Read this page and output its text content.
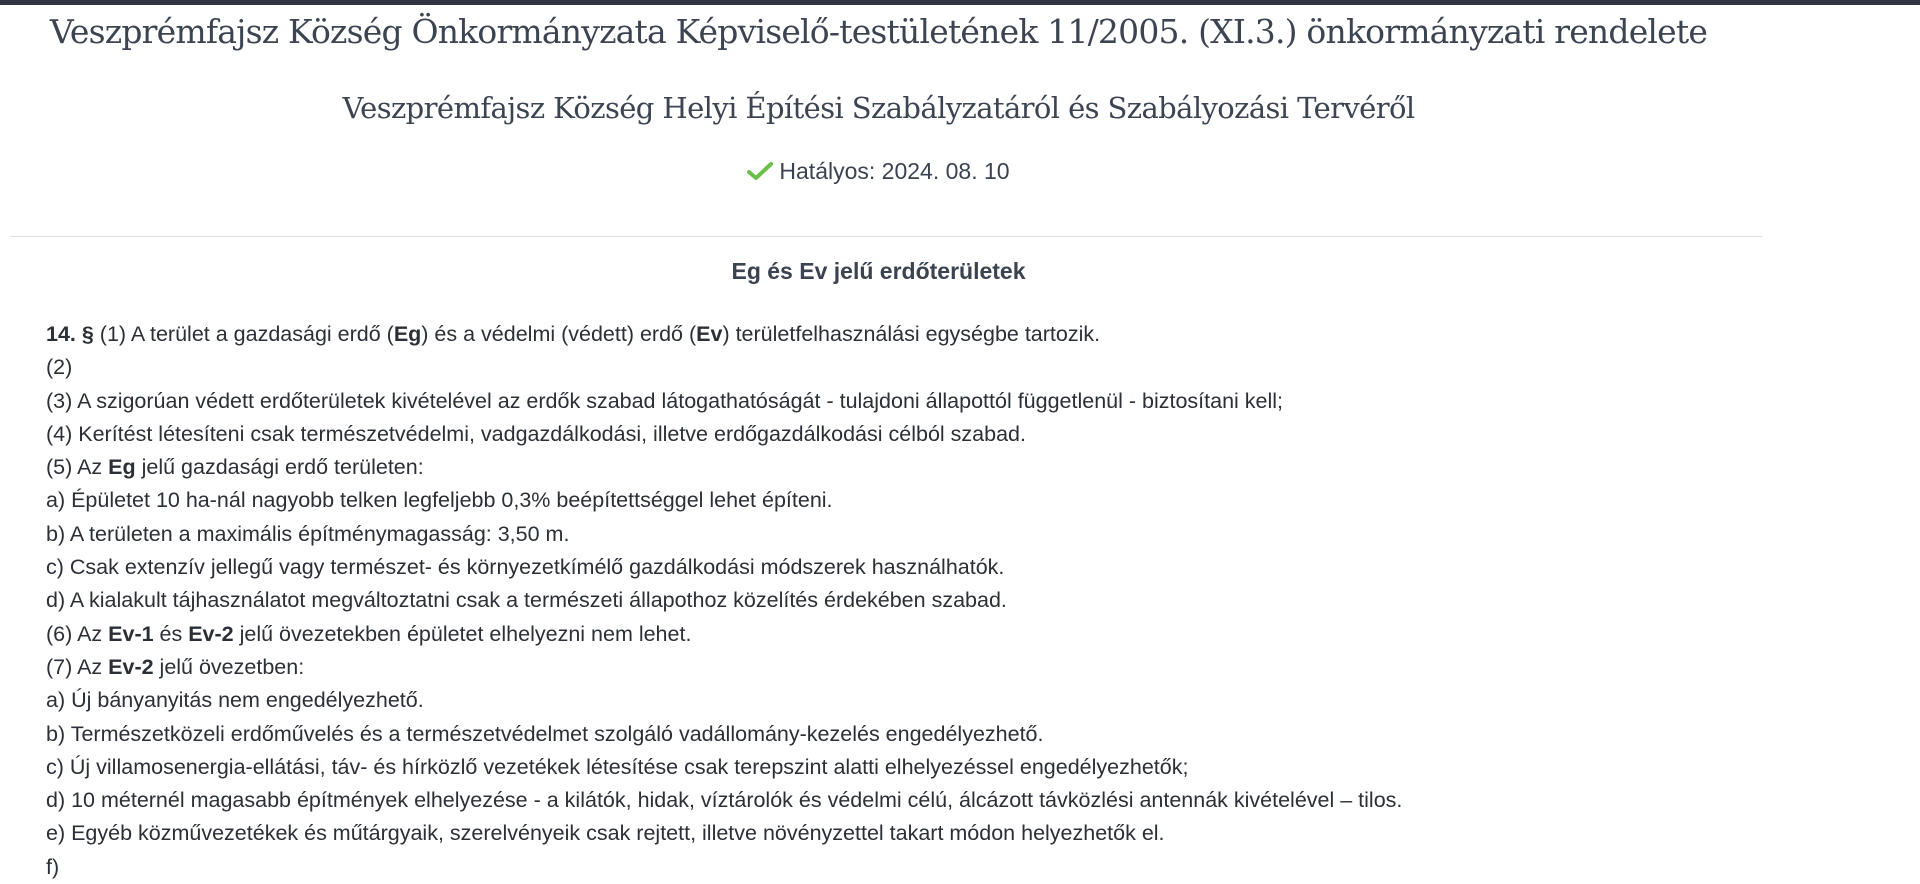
Veszprémfajsz Község Önkormányzata Képviselő-testületének 11/2005. (XI.3.) önkormányzati rendelete
Veszprémfajsz Község Helyi Építési Szabályzatáról és Szabályozási Tervéről
Hatályos: 2024. 08. 10
Eg és Ev jelű erdőterületek
14. § (1) A terület a gazdasági erdő (Eg) és a védelmi (védett) erdő (Ev) területfelhasználási egységbe tartozik.
(2)
(3) A szigorúan védett erdőterületek kivételével az erdők szabad látogathatóságát - tulajdoni állapottól függetlenül - biztosítani kell;
(4) Kerítést létesíteni csak természetvédelmi, vadgazdálkodási, illetve erdőgazdálkodási célból szabad.
(5) Az Eg jelű gazdasági erdő területen:
a) Épületet 10 ha-nál nagyobb telken legfeljebb 0,3% beépítettséggel lehet építeni.
b) A területen a maximális építménymagasság: 3,50 m.
c) Csak extenzív jellegű vagy természet- és környezetkímélő gazdálkodási módszerek használhatók.
d) A kialakult tájhasználatot megváltoztatni csak a természeti állapothoz közelítés érdekében szabad.
(6) Az Ev-1 és Ev-2 jelű övezetekben épületet elhelyezni nem lehet.
(7) Az Ev-2 jelű övezetben:
a) Új bányanyitás nem engedélyezhető.
b) Természetközeli erdőművelés és a természetvédelmet szolgáló vadállomány-kezelés engedélyezhető.
c) Új villamosenergia-ellátási, táv- és hírközlő vezetékek létesítése csak terepszint alatti elhelyezéssel engedélyezhetők;
d) 10 méternél magasabb építmények elhelyezése - a kilátók, hidak, víztárolók és védelmi célú, álcázott távközlési antennák kivételével – tilos.
e) Egyéb közművezetékek és műtárgyaik, szerelvényeik csak rejtett, illetve növényzettel takart módon helyezhetők el.
f)
